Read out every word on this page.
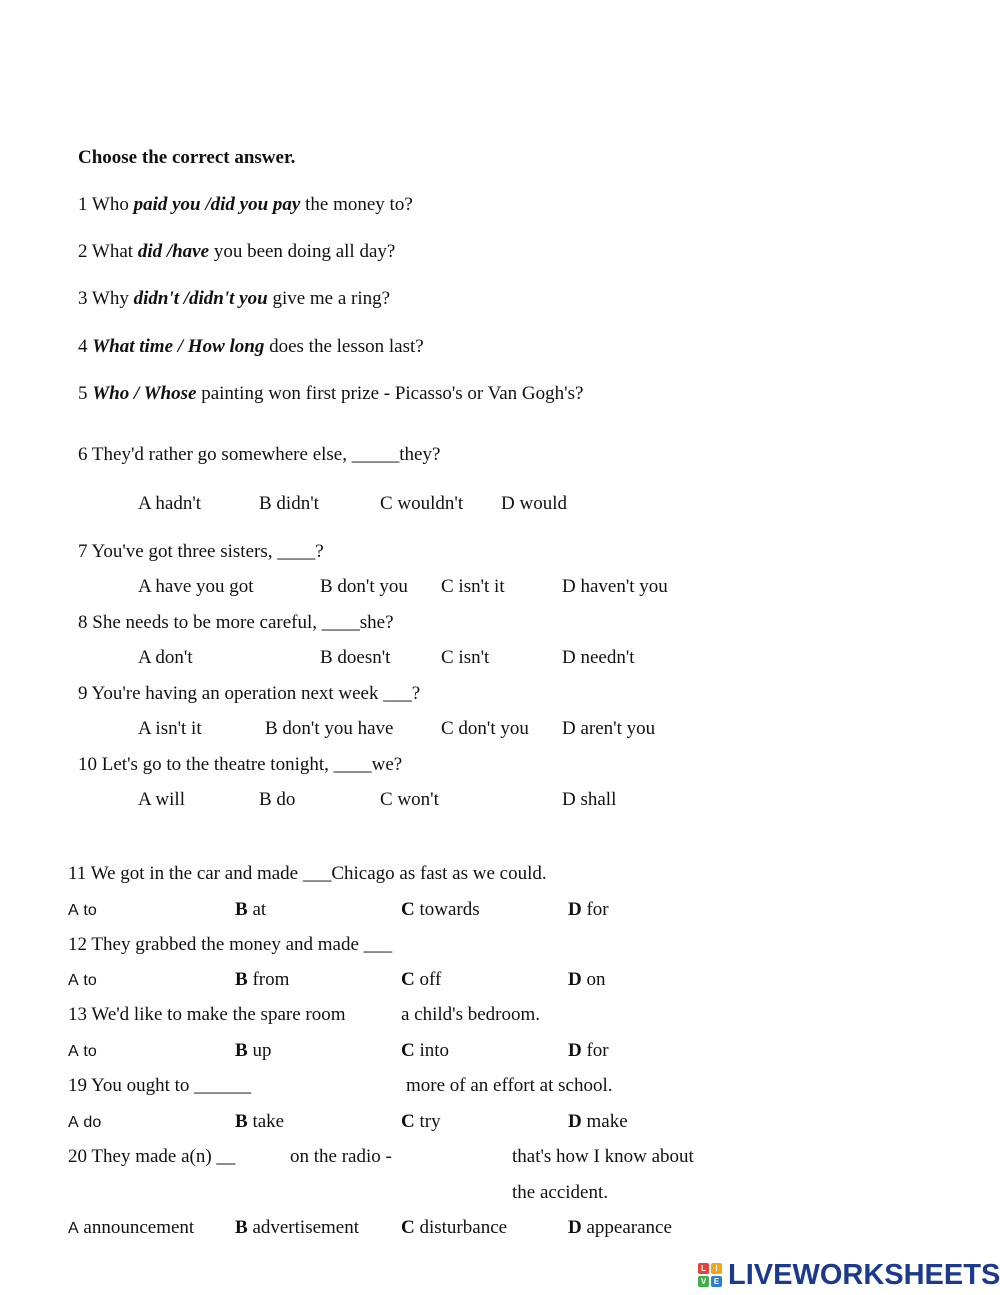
Choose the correct answer.
1 Who paid you /did you pay the money to?
2 What did /have you been doing all day?
3 Why didn't /didn't you give me a ring?
4 What time / How long does the lesson last?
5 Who / Whose painting won first prize - Picasso's or Van Gogh's?
6 They'd rather go somewhere else, _____they?
A hadn't	B didn't	C wouldn't D would
7 You've got three sisters, ____?
A have you got	B don't you C isn't it	D haven't you
8 She needs to be more careful, ____she?
A don't	B doesn't	C isn't	D needn't
9 You're having an operation next week ___?
A isn't it	B don't you have	C don't you D aren't you
10 Let's go to the theatre tonight, ____we?
A will	B do	C won't	D shall
11 We got in the car and made ___Chicago as fast as we could.
A to	B at	C towards	D for
12 They grabbed the money and made ___
A to	B from	C off	D on
13 We'd like to make the spare room	a child's bedroom.
A to	B up	C into	D for
19 You ought to ______	more of an effort at school.
A do	B take	C try	D make
20 They made a(n) __	on the radio -	that's how I know about
the accident.
A announcement B advertisement C disturbance	D appearance
L	I
V E LIVEWORKSHEETS
